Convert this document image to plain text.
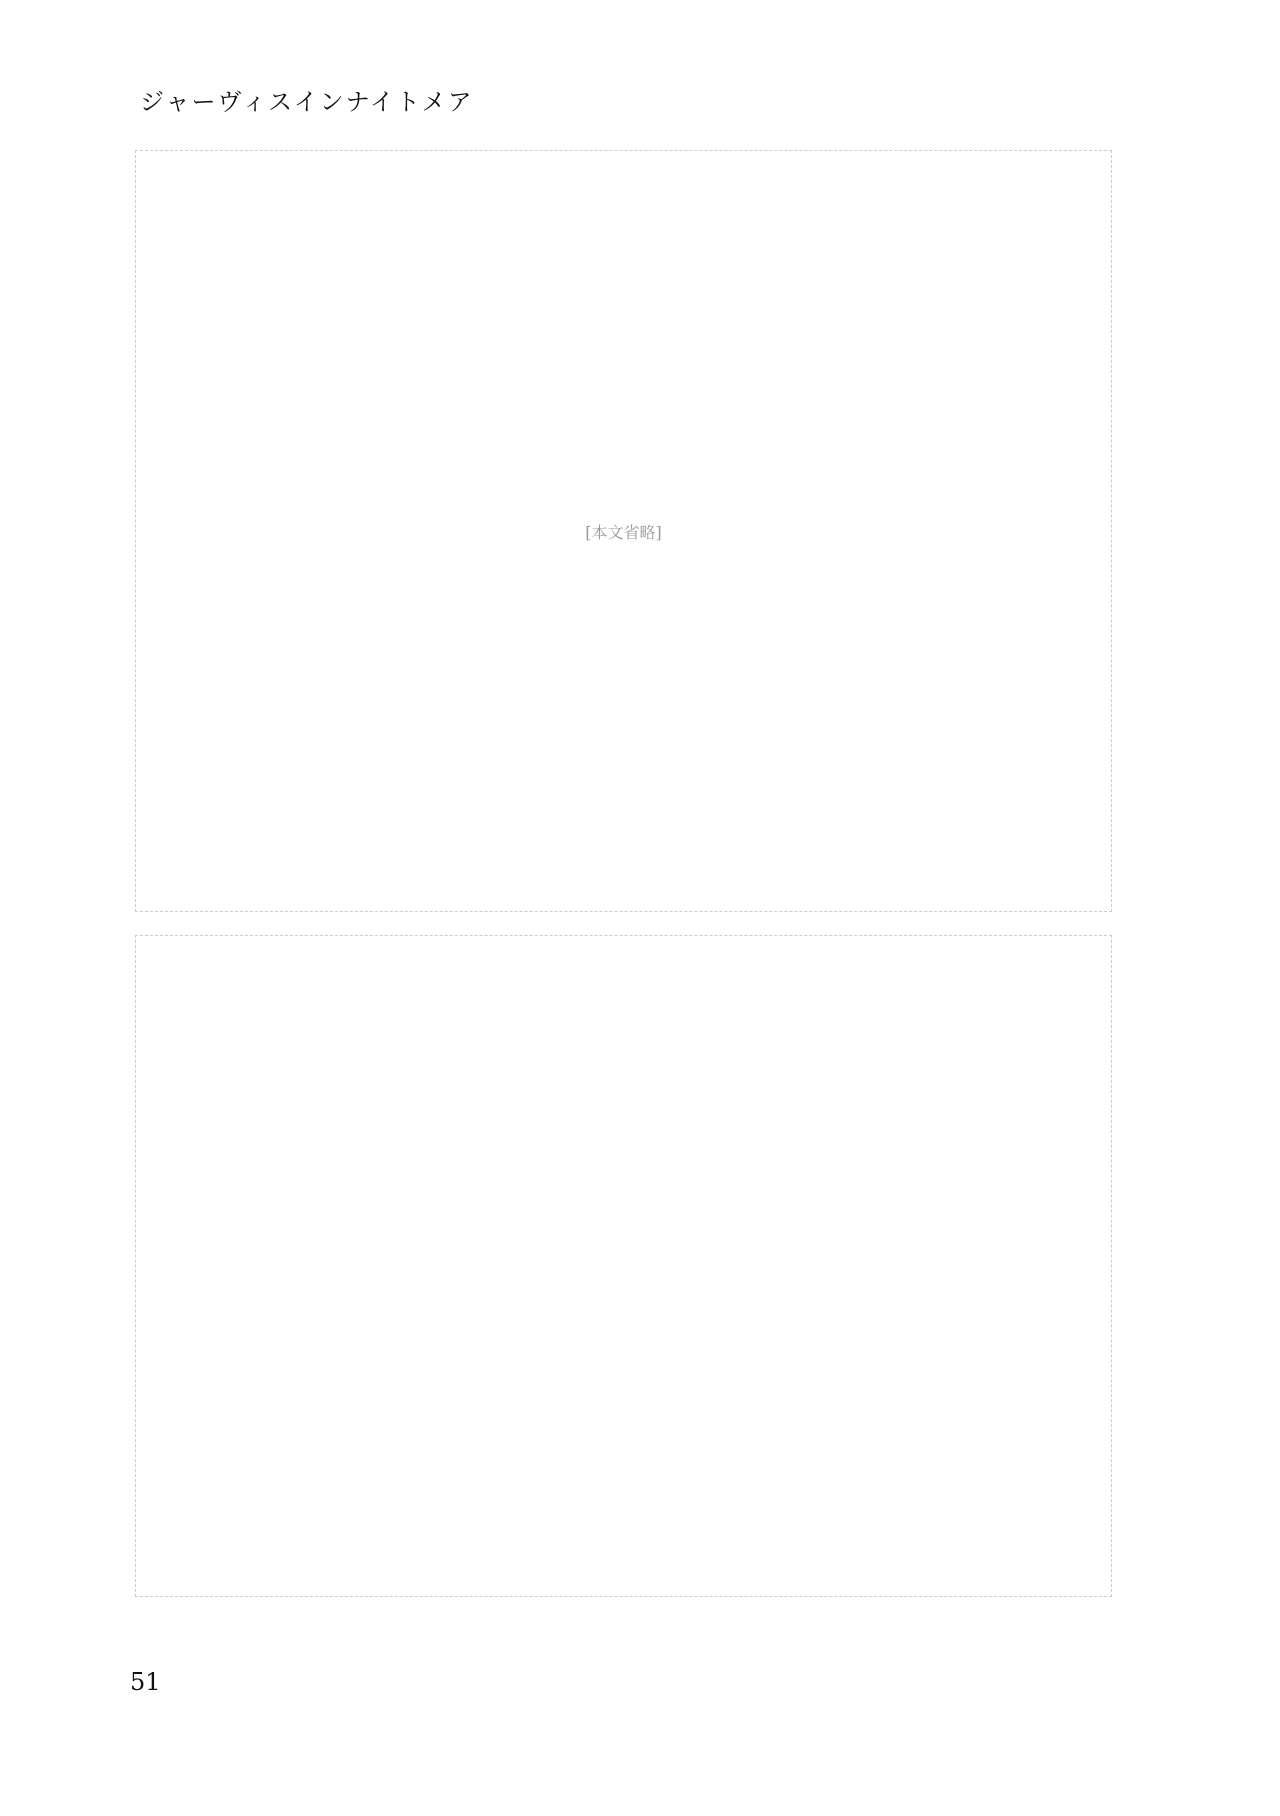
ジャーヴィスインナイトメア
[本文省略]
51
